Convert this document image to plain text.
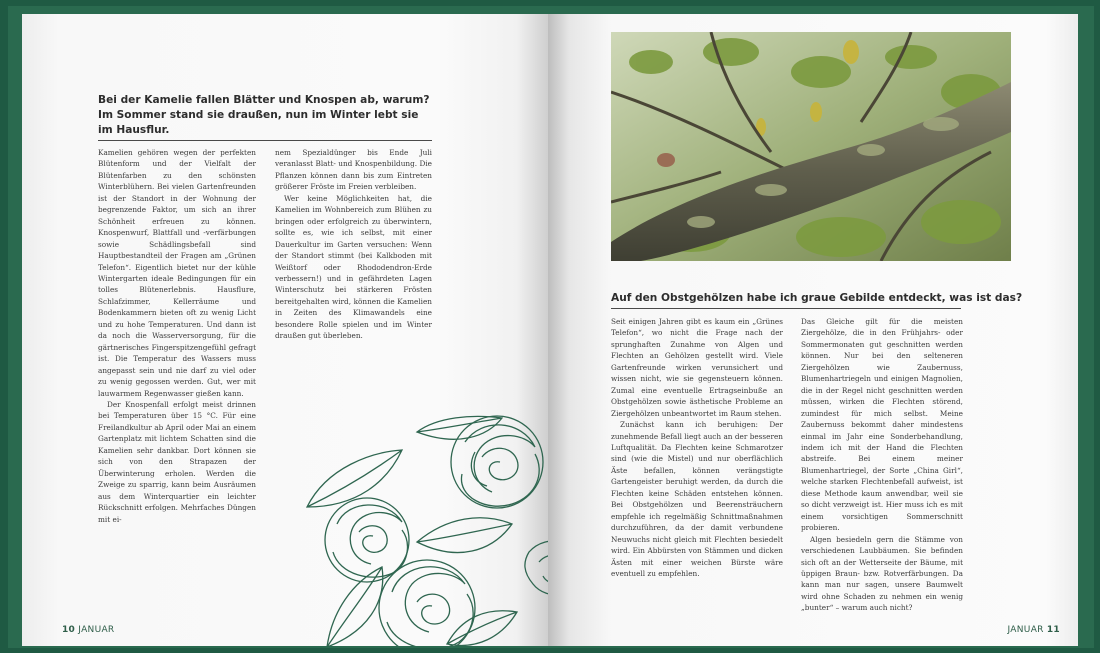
Bei der Kamelie fallen Blätter und Knospen ab, warum? Im Sommer stand sie draußen, nun im Winter lebt sie im Hausflur.

Kamelien gehören wegen der perfekten Blütenform und der Vielfalt der Blütenfarben zu den schönsten Winterblühern. Bei vielen Gartenfreunden ist der Standort in der Wohnung der begrenzende Faktor, um sich an ihrer Schönheit erfreuen zu können. Knospenwurf, Blattfall und -verfärbungen sowie Schädlingsbefall sind Hauptbestandteil der Fragen am „Grünen Telefon“. Eigentlich bietet nur der kühle Wintergarten ideale Bedingungen für ein tolles Blütenerlebnis. Hausflure, Schlafzimmer, Kellerräume und Bodenkammern bieten oft zu wenig Licht und zu hohe Temperaturen. Und dann ist da noch die Wasserversorgung, für die gärtnerisches Fingerspitzengefühl gefragt ist. Die Temperatur des Wassers muss angepasst sein und nie darf zu viel oder zu wenig gegossen werden. Gut, wer mit lauwarmem Regenwasser gießen kann.

Der Knospenfall erfolgt meist drinnen bei Temperaturen über 15 °C. Für eine Freilandkultur ab April oder Mai an einem Gartenplatz mit lichtem Schatten sind die Kamelien sehr dankbar. Dort können sie sich von den Strapazen der Überwinterung erholen. Werden die Zweige zu sparrig, kann beim Ausräumen aus dem Winterquartier ein leichter Rückschnitt erfolgen. Mehrfaches Düngen mit ei-

nem Spezialdünger bis Ende Juli veranlasst Blatt- und Knospenbildung. Die Pflanzen können dann bis zum Eintreten größerer Fröste im Freien verbleiben.

Wer keine Möglichkeiten hat, die Kamelien im Wohnbereich zum Blühen zu bringen oder erfolgreich zu überwintern, sollte es, wie ich selbst, mit einer Dauerkultur im Garten versuchen: Wenn der Standort stimmt (bei Kalkboden mit Weißtorf oder Rhododendron-Erde verbessern!) und in gefährdeten Lagen Winterschutz bei stärkeren Frösten bereitgehalten wird, können die Kamelien in Zeiten des Klimawandels eine besondere Rolle spielen und im Winter draußen gut überleben.

10 JANUAR
Auf den Obstgehölzen habe ich graue Gebilde entdeckt, was ist das?

Seit einigen Jahren gibt es kaum ein „Grünes Telefon“, wo nicht die Frage nach der sprunghaften Zunahme von Algen und Flechten an Gehölzen gestellt wird. Viele Gartenfreunde wirken verunsichert und wissen nicht, wie sie gegensteuern können. Zumal eine eventuelle Ertragseinbuße an Obstgehölzen sowie ästhetische Probleme an Ziergehölzen unbeantwortet im Raum stehen.

Zunächst kann ich beruhigen: Der zunehmende Befall liegt auch an der besseren Luftqualität. Da Flechten keine Schmarotzer sind (wie die Mistel) und nur oberflächlich Äste befallen, können verängstigte Gartengeister beruhigt werden, da durch die Flechten keine Schäden entstehen können. Bei Obstgehölzen und Beerensträuchern empfehle ich regelmäßig Schnittmaßnahmen durchzuführen, da der damit verbundene Neuwuchs nicht gleich mit Flechten besiedelt wird. Ein Abbürsten von Stämmen und dicken Ästen mit einer weichen Bürste wäre eventuell zu empfehlen.

Das Gleiche gilt für die meisten Ziergehölze, die in den Frühjahrs- oder Sommermonaten gut geschnitten werden können. Nur bei den selteneren Ziergehölzen wie Zaubernuss, Blumenhartriegeln und einigen Magnolien, die in der Regel nicht geschnitten werden müssen, wirken die Flechten störend, zumindest für mich selbst. Meine Zaubernuss bekommt daher mindestens einmal im Jahr eine Sonderbehandlung, indem ich mit der Hand die Flechten abstreife. Bei einem meiner Blumenhartriegel, der Sorte „China Girl“, welche starken Flechtenbefall aufweist, ist diese Methode kaum anwendbar, weil sie so dicht verzweigt ist. Hier muss ich es mit einem vorsichtigen Sommerschnitt probieren.

Algen besiedeln gern die Stämme von verschiedenen Laubbäumen. Sie befinden sich oft an der Wetterseite der Bäume, mit üppigen Braun- bzw. Rotverfärbungen. Da kann man nur sagen, unsere Baumwelt wird ohne Schaden zu nehmen ein wenig „bunter“ – warum auch nicht?

JANUAR 11
